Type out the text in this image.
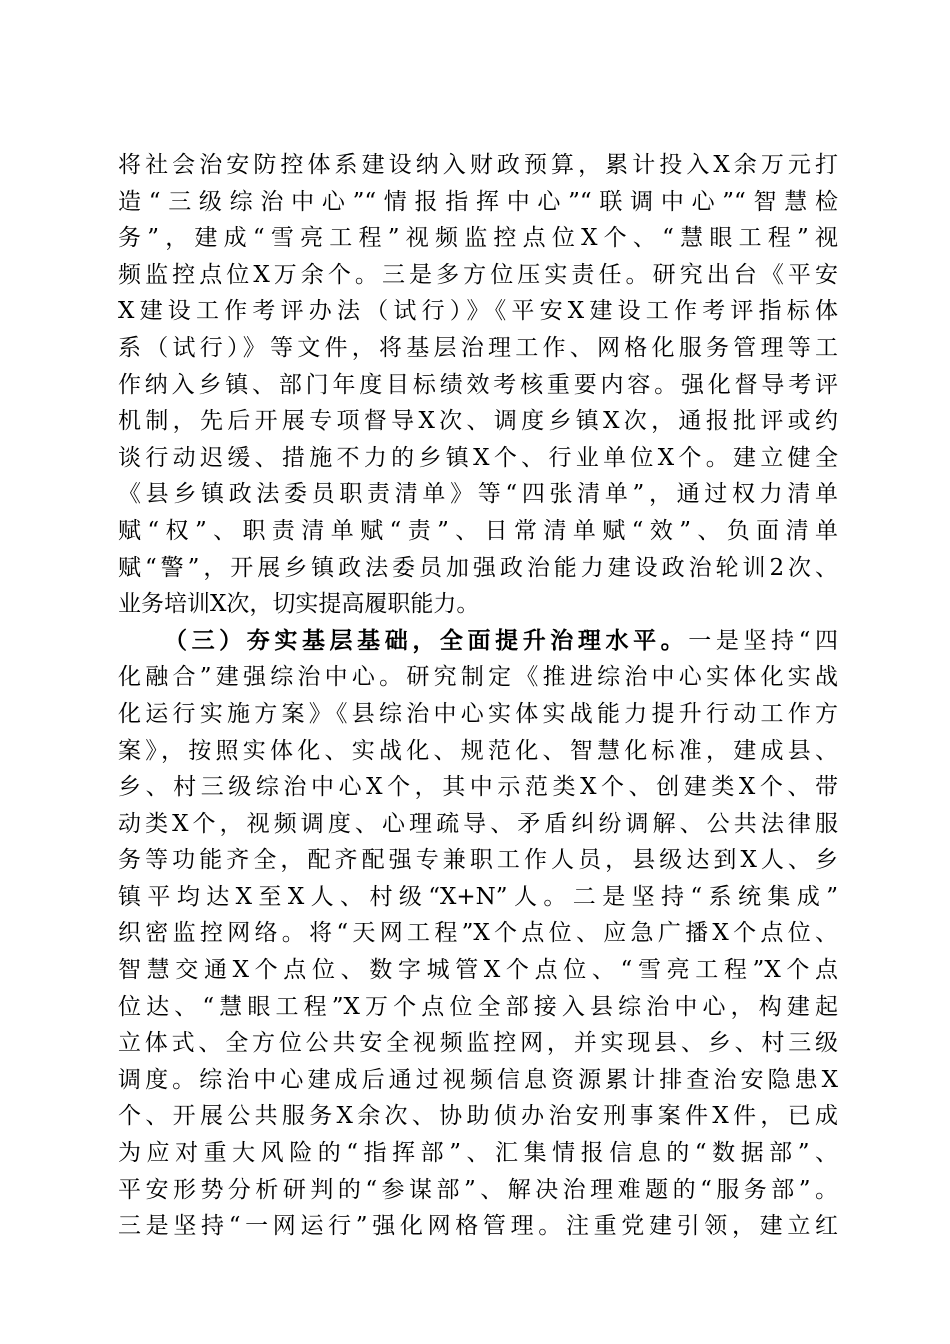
将社会治安防控体系建设纳入财政预算，累计投入X余万元打
造“三级综治中心”“情报指挥中心”“联调中心”“智慧检
务”，建成“雪亮工程”视频监控点位X个、“慧眼工程”视
频监控点位X万余个。三是多方位压实责任。研究出台《平安
X建设工作考评办法（试行）》《平安X建设工作考评指标体
系（试行）》等文件，将基层治理工作、网格化服务管理等工
作纳入乡镇、部门年度目标绩效考核重要内容。强化督导考评
机制，先后开展专项督导X次、调度乡镇X次，通报批评或约
谈行动迟缓、措施不力的乡镇X个、行业单位X个。建立健全
《县乡镇政法委员职责清单》等“四张清单”，通过权力清单
赋“权”、职责清单赋“责”、日常清单赋“效”、负面清单
赋“警”，开展乡镇政法委员加强政治能力建设政治轮训2次、
业务培训X次，切实提高履职能力。
（三）夯实基层基础，全面提升治理水平。一是坚持“四
化融合”建强综治中心。研究制定《推进综治中心实体化实战
化运行实施方案》《县综治中心实体实战能力提升行动工作方
案》，按照实体化、实战化、规范化、智慧化标准，建成县、
乡、村三级综治中心X个，其中示范类X个、创建类X个、带
动类X个，视频调度、心理疏导、矛盾纠纷调解、公共法律服
务等功能齐全，配齐配强专兼职工作人员，县级达到X人、乡
镇平均达X至X人、村级“X+N”人。二是坚持“系统集成”
织密监控网络。将“天网工程”X个点位、应急广播X个点位、
智慧交通X个点位、数字城管X个点位、“雪亮工程”X个点
位达、“慧眼工程”X万个点位全部接入县综治中心，构建起
立体式、全方位公共安全视频监控网，并实现县、乡、村三级
调度。综治中心建成后通过视频信息资源累计排查治安隐患X
个、开展公共服务X余次、协助侦办治安刑事案件X件，已成
为应对重大风险的“指挥部”、汇集情报信息的“数据部”、
平安形势分析研判的“参谋部”、解决治理难题的“服务部”。
三是坚持“一网运行”强化网格管理。注重党建引领，建立红
